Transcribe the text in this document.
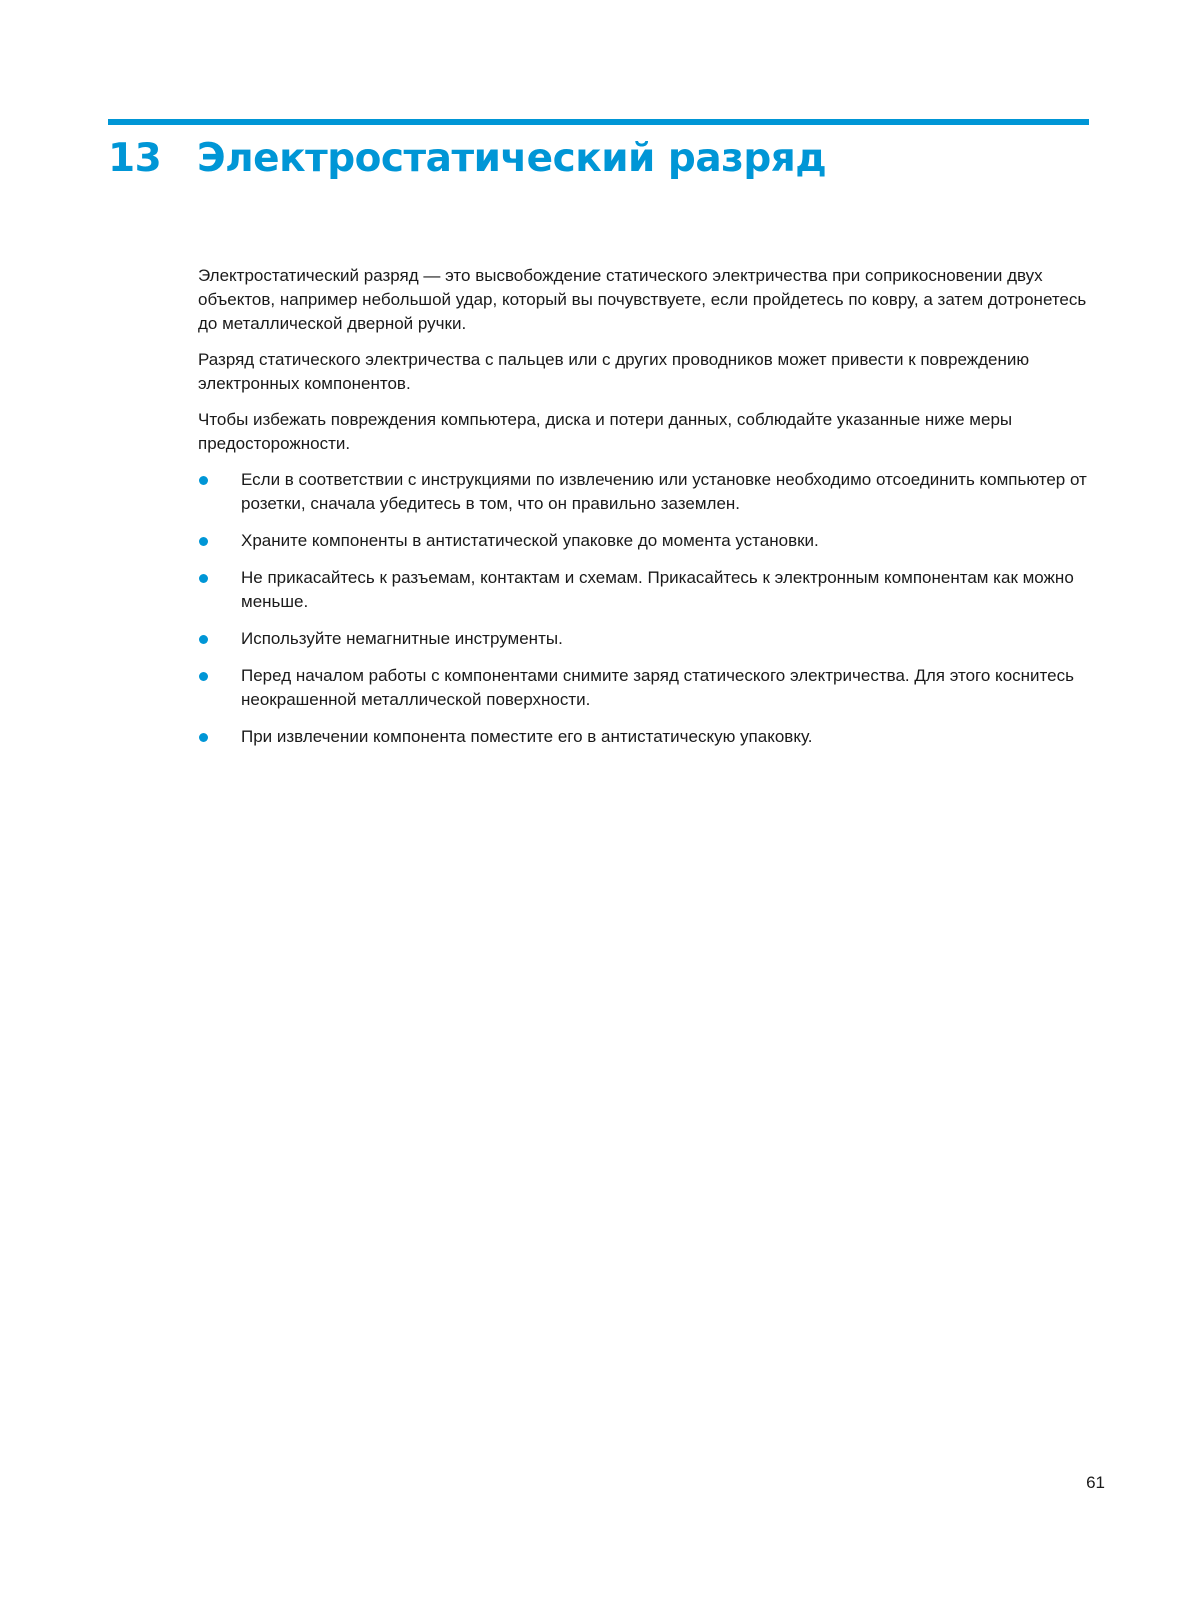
13 Электростатический разряд

Электростатический разряд — это высвобождение статического электричества при соприкосновении двух объектов, например небольшой удар, который вы почувствуете, если пройдетесь по ковру, а затем дотронетесь до металлической дверной ручки.

Разряд статического электричества с пальцев или с других проводников может привести к повреждению электронных компонентов.

Чтобы избежать повреждения компьютера, диска и потери данных, соблюдайте указанные ниже меры предосторожности.

Если в соответствии с инструкциями по извлечению или установке необходимо отсоединить компьютер от розетки, сначала убедитесь в том, что он правильно заземлен.
Храните компоненты в антистатической упаковке до момента установки.
Не прикасайтесь к разъемам, контактам и схемам. Прикасайтесь к электронным компонентам как можно меньше.
Используйте немагнитные инструменты.
Перед началом работы с компонентами снимите заряд статического электричества. Для этого коснитесь неокрашенной металлической поверхности.
При извлечении компонента поместите его в антистатическую упаковку.
61
